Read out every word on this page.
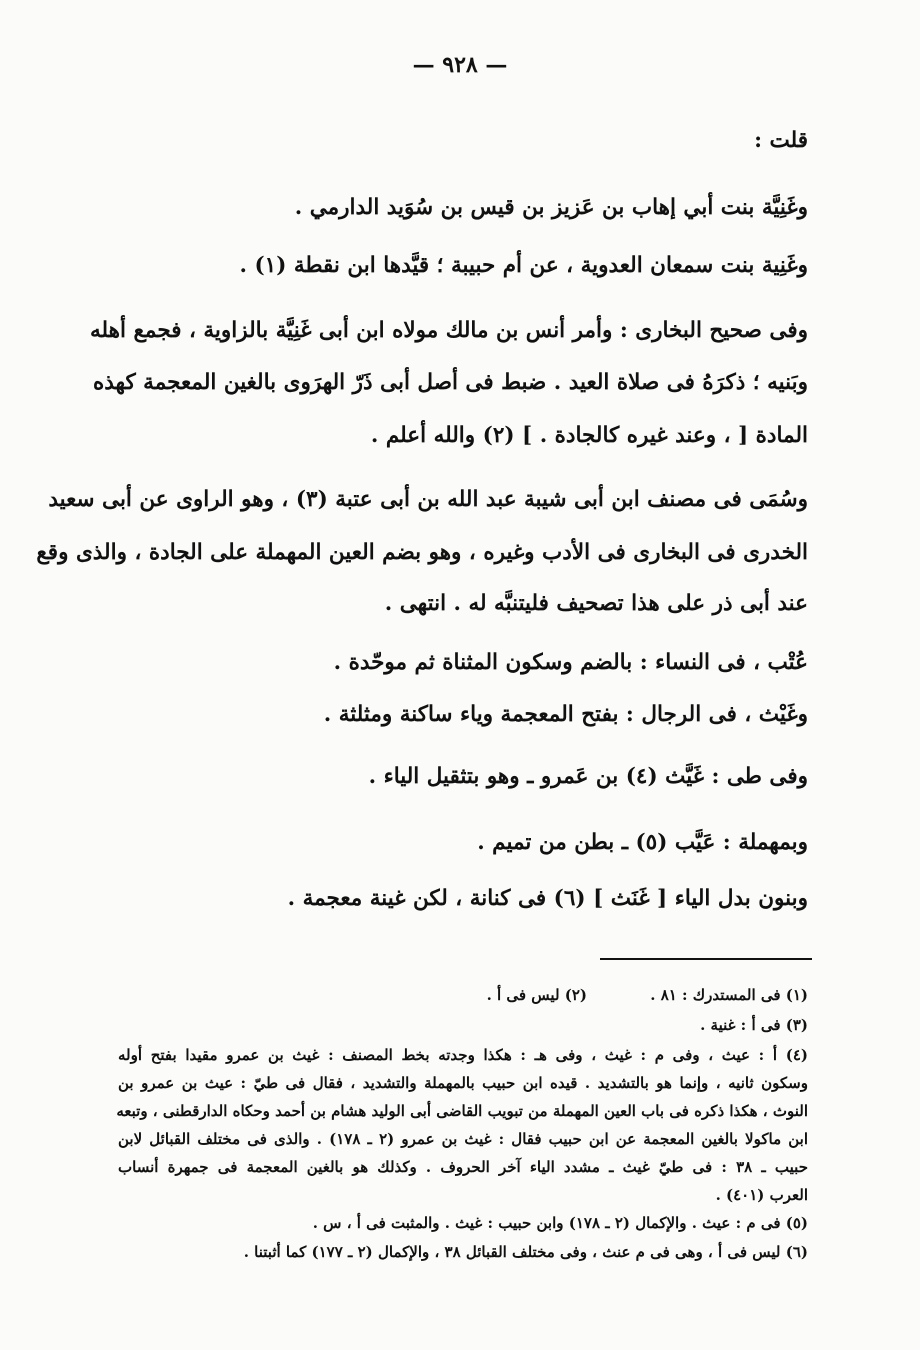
— ٩٢٨ —
قلت :
وغَنِيَّة بنت أبي إهاب بن عَزيز بن قيس بن سُوَيد الدارمي .
وغَنِية بنت سمعان العدوية ، عن أم حبيبة ؛ قيَّدها ابن نقطة (١) .
وفى صحيح البخارى : وأمر أنس بن مالك مولاه ابن أبى غَنِيَّة بالزاوية ، فجمع أهله
وبَنيه ؛ ذكرَهُ فى صلاة العيد . ضبط فى أصل أبى ذَرّ الهرَوى بالغين المعجمة كهذه
المادة [ ، وعند غيره كالجادة . ] (٢) والله أعلم .
وسُمَى فى مصنف ابن أبى شيبة عبد الله بن أبى عتبة (٣) ، وهو الراوى عن أبى سعيد
الخدرى فى البخارى فى الأدب وغيره ، وهو بضم العين المهملة على الجادة ، والذى وقع
عند أبى ذر على هذا تصحيف فليتنبَّه له . انتهى .
عُتْب ، فى النساء : بالضم وسكون المثناة ثم موحّدة .
وغَيْث ، فى الرجال : بفتح المعجمة وياء ساكنة ومثلثة .
وفى طى : غَيَّث (٤) بن عَمرو ـ وهو بتثقيل الياء .
وبمهملة : عَيَّب (٥) ـ بطن من تميم .
وبنون بدل الياء [ غَنَث ] (٦) فى كنانة ، لكن غينة معجمة .
(١) فى المستدرك : ٨١ . (٢) ليس فى أ .
(٣) فى أ : غنية .
(٤) أ : عيث ، وفى م : غيث ، وفى هـ : هكذا وجدته بخط المصنف : غيث بن عمرو مقيدا بفتح أوله
وسكون ثانيه ، وإنما هو بالتشديد . قيده ابن حبيب بالمهملة والتشديد ، فقال فى طيّ : عيث بن عمرو بن
النوث ، هكذا ذكره فى باب العين المهملة من تبويب القاضى أبى الوليد هشام بن أحمد وحكاه الدارقطنى ، وتبعه
ابن ماكولا بالغين المعجمة عن ابن حبيب فقال : غيث بن عمرو (٢ ـ ١٧٨) . والذى فى مختلف القبائل لابن
حبيب ـ ٣٨ : فى طيّ غيث ـ مشدد الياء آخر الحروف . وكذلك هو بالغين المعجمة فى جمهرة أنساب
العرب (٤٠١) .
(٥) فى م : عيث . والإكمال (٢ ـ ١٧٨) وابن حبيب : غيث . والمثبت فى أ ، س .
(٦) ليس فى أ ، وهى فى م عنث ، وفى مختلف القبائل ٣٨ ، والإكمال (٢ ـ ١٧٧) كما أثبتنا .
